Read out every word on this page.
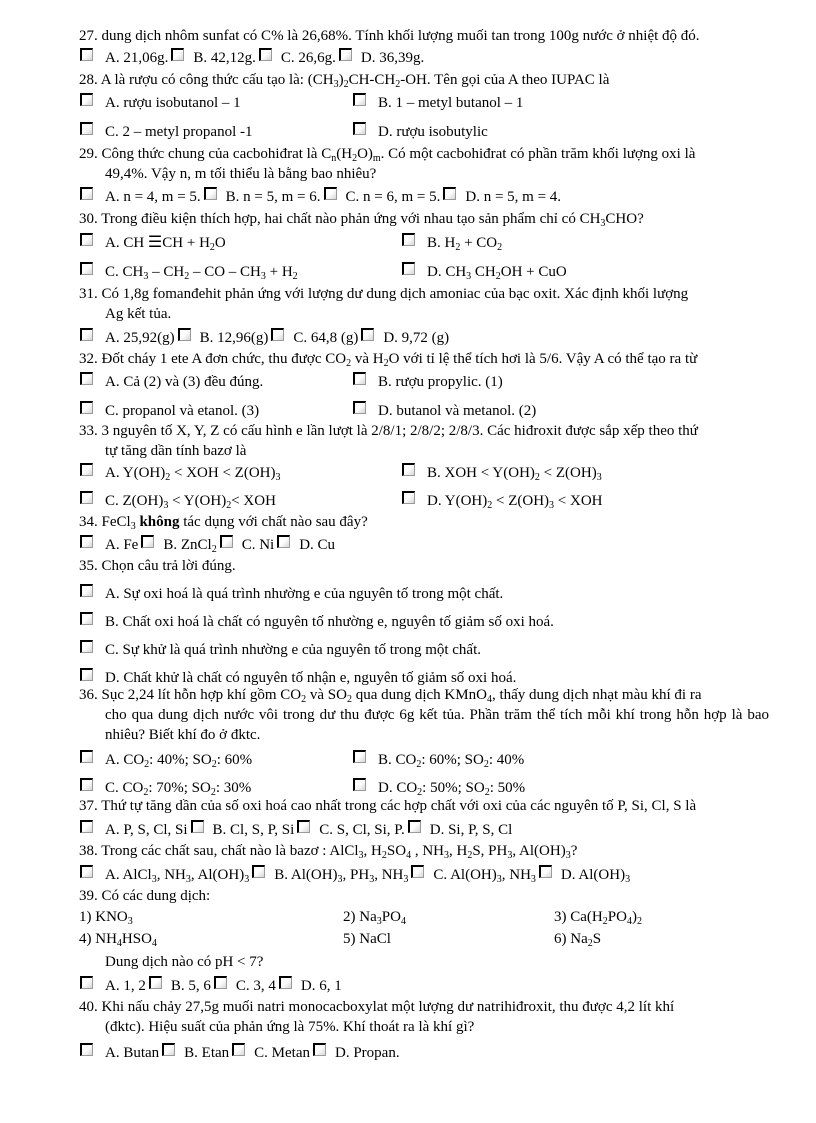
27. dung dịch nhôm sunfat có C% là 26,68%. Tính khối lượng muối tan trong 100g nước ở nhiệt độ đó.
A. 21,06g. B. 42,12g. C. 26,6g. D. 36,39g.
28. A là rượu có công thức cấu tạo là: $(CH_3)_2CH-CH_2-OH$. Tên gọi của A theo IUPAC là
A. rượu isobutanol – 1	B. 1 – metyl butanol – 1
C. 2 – metyl propanol -1	D. rượu isobutylic
29. Công thức chung của cacbohiđrat là $C_n(H_2O)_m$. Có một cacbohiđrat có phần trăm khối lượng oxi là
49,4%. Vậy n, m tối thiểu là bằng bao nhiêu?
A. n = 4, m = 5. B. n = 5, m = 6. C. n = 6, m = 5. D. n = 5, m = 4.
30. Trong điều kiện thích hợp, hai chất nào phản ứng với nhau tạo sản phẩm chỉ có $CH_3CHO$?
A. CH ☰CH + $H_2O$	B. $H_2 + CO_2$
C. $CH_3 - CH_2$ – CO – $CH_3 + H_2$	D. $CH_3$ $CH_2OH$ + CuO
31. Có 1,8g fomanđehit phản ứng với lượng dư dung dịch amoniac của bạc oxit. Xác định khối lượng
Ag kết tủa.
A. 25,92(g) B. 12,96(g) C. 64,8 (g) D. 9,72 (g)
32. Đốt cháy 1 ete A đơn chức, thu được $CO_2$ và $H_2O$ với tỉ lệ thể tích hơi là 5/6. Vậy A có thể tạo ra từ
A. Cả (2) và (3) đều đúng.	B. rượu propylic. (1)
C. propanol và etanol. (3)	D. butanol và metanol. (2)
33. 3 nguyên tố X, Y, Z có cấu hình e lần lượt là 2/8/1; 2/8/2; 2/8/3. Các hiđroxit được sắp xếp theo thứ
tự tăng dần tính bazơ là
A. $Y(OH)_2$ < XOH < $Z(OH)_3$	B. XOH < $Y(OH)_2 < Z(OH)_3$
C. $Z(OH)_3 < Y(OH)_2<$ XOH	D. $Y(OH)_2 < Z(OH)_3$ < XOH
34. FeCl$_3$ không tác dụng với chất nào sau đây?
A. Fe B. ZnCl$_2$ C. Ni D. Cu
35. Chọn câu trả lời đúng.
A. Sự oxi hoá là quá trình nhường e của nguyên tố trong một chất.
B. Chất oxi hoá là chất có nguyên tố nhường e, nguyên tố giảm số oxi hoá.
C. Sự khử là quá trình nhường e của nguyên tố trong một chất.
D. Chất khử là chất có nguyên tố nhận e, nguyên tố giảm số oxi hoá.
36. Sục 2,24 lít hỗn hợp khí gồm $CO_2$ và $SO_2$ qua dung dịch KMnO$_4$, thấy dung dịch nhạt màu khí đi ra
cho qua dung dịch nước vôi trong dư thu được 6g kết tủa. Phần trăm thể tích mỗi khí trong hỗn hợp là bao nhiêu? Biết khí đo ở đktc.
A. $CO_2$: 40%; $SO_2$: 60%	B. $CO_2$: 60%; $SO_2$: 40%
C. $CO_2$: 70%; $SO_2$: 30%	D. $CO_2$: 50%; $SO_2$: 50%
37. Thứ tự tăng dần của số oxi hoá cao nhất trong các hợp chất với oxi của các nguyên tố P, Si, Cl, S là
A. P, S, Cl, Si B. Cl, S, P, Si C. S, Cl, Si, P. D. Si, P, S, Cl
38. Trong các chất sau, chất nào là bazơ : AlCl$_3$, $H_2SO_4$ , $NH_3$, $H_2S$, $PH_3$, $Al(OH)_3$?
A. AlCl$_3$, $NH_3$, $Al(OH)_3$ B. $Al(OH)_3$, $PH_3$, $NH_3$ C. $Al(OH)_3$, $NH_3$ D. $Al(OH)_3$
39. Có các dung dịch:
1) $KNO_3$	2) $Na_3PO_4$	3) $Ca(H_2PO_4)_2$
4) $NH_4HSO_4$	5) NaCl	6) $Na_2S$
Dung dịch nào có pH < 7?
A. 1, 2 B. 5, 6 C. 3, 4 D. 6, 1
40. Khi nấu chảy 27,5g muối natri monocacboxylat một lượng dư natrihiđroxit, thu được 4,2 lít khí
(đktc). Hiệu suất của phản ứng là 75%. Khí thoát ra là khí gì?
A. Butan B. Etan C. Metan D. Propan.
